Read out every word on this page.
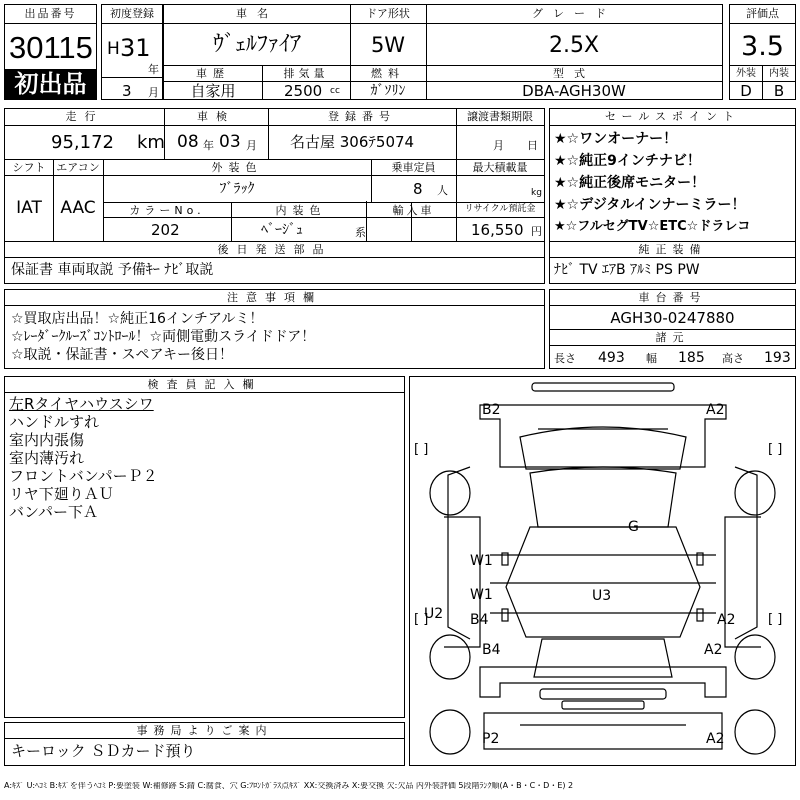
出品番号
30115
初出品
初度登録
H 31
年
3 月
車名
ｳﾞｪﾙﾌｧｲｱ
ドア形状
5W
グレード
2.5X
車歴
自家用
排気量
2500 cc
燃料
ｶﾞｿﾘﾝ
型式
DBA-AGH30W
評価点
3.5
外装	内装
D	B
走行
95,172 km
車検
08 年 03 月
登録番号
名古屋 306ﾃ5074
譲渡書類期限
月 日
シフト
IAT
エアコン
AAC
外装色
ﾌﾞﾗｯｸ
乗車定員
8 人
最大積載量
kg
カラーNo.
202
内装色
ﾍﾞｰｼﾞｭ	系
輸入車	リサイクル預託金
16,550 円
後日発送部品
保証書 車両取説 予備ｷｰ ﾅﾋﾞ取説
セールスポイント
★☆ワンオーナー！
★☆純正9インチナビ！
★☆純正後席モニター！
★☆デジタルインナーミラー！
★☆フルセグTV☆ETC☆ドラレコ
純正装備
ﾅﾋﾞ TV ｴｱB ｱﾙﾐ PS PW
注意事項欄
☆買取店出品！☆純正16インチアルミ！
☆ﾚｰﾀﾞｰｸﾙｰｽﾞｺﾝﾄﾛｰﾙ！☆両側電動スライドドア！
☆取説・保証書・スペアキー後日！
車台番号
AGH30-0247880
諸元
長さ 493 幅 185 高さ 193
検査員記入欄
左Rタイヤハウスシワ
ハンドルすれ
室内内張傷
室内薄汚れ
フロントバンパーＰ２
リヤ下廻りＡＵ
バンパー下Ａ
[ ]	[ ]
[ ]	[ ]
B2	A2
G
W1
W1
B4
U3
U2	A2
B4	A2
P2	A2
事務局よりご案内
キーロック ＳＤカード預り
A:ｷｽﾞ U:ﾍｺﾐ B:ｷｽﾞを伴うﾍｺﾐ P:要塗装 W:補修跡 S:錆 C:腐食、穴 G:ﾌﾛﾝﾄｶﾞﾗｽ点ｷｽﾞ XX:交換済み X:要交換 欠:欠品 内外装評価 5段階ﾗﾝｸ順(A・B・C・D・E) 2
